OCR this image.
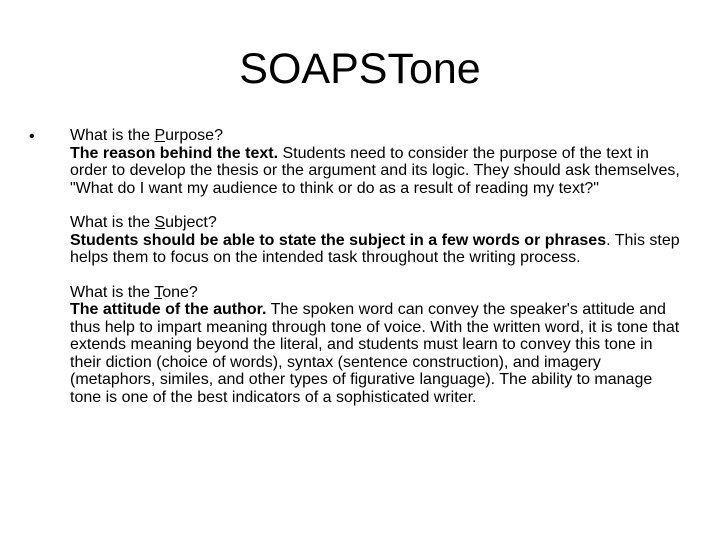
SOAPSTone
• What is the Purpose?
The reason behind the text. Students need to consider the purpose of the text in order to develop the thesis or the argument and its logic. They should ask themselves, "What do I want my audience to think or do as a result of reading my text?"

What is the Subject?
Students should be able to state the subject in a few words or phrases. This step helps them to focus on the intended task throughout the writing process.

What is the Tone?
The attitude of the author. The spoken word can convey the speaker's attitude and thus help to impart meaning through tone of voice. With the written word, it is tone that extends meaning beyond the literal, and students must learn to convey this tone in their diction (choice of words), syntax (sentence construction), and imagery (metaphors, similes, and other types of figurative language). The ability to manage tone is one of the best indicators of a sophisticated writer.
